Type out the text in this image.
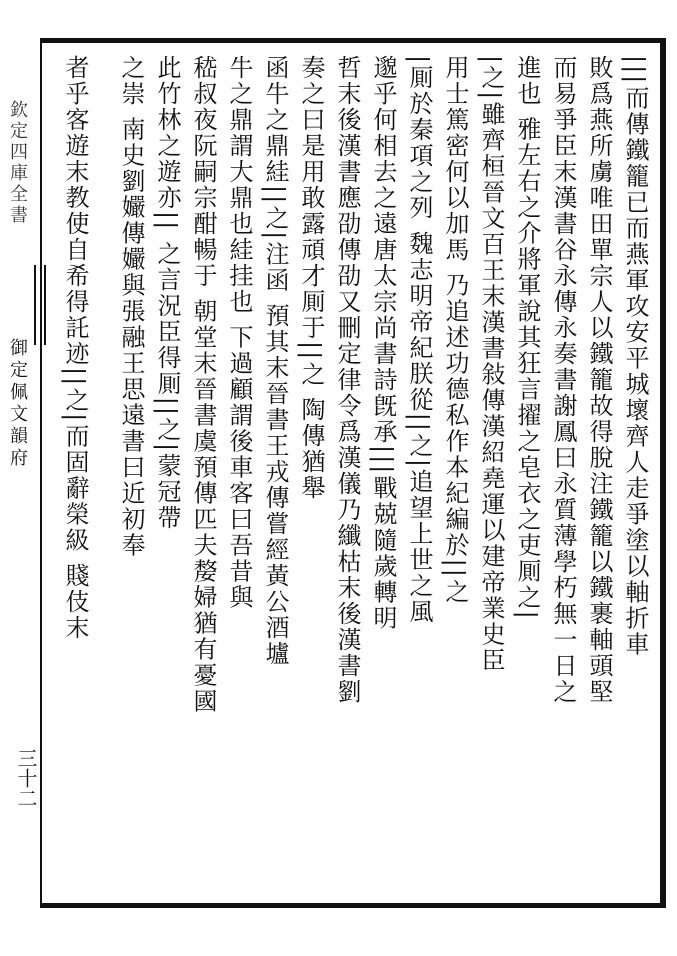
欽定四庫全書
御定佩文韻府
三十二
|||而傳鐵籠已而燕軍攻安平城壞齊人走爭塗以軸折車
敗爲燕所虜唯田單宗人以鐵籠故得脫注鐵籠以鐵裹軸頭堅
而易爭臣末漢書谷永傳永奏書謝鳳曰永質薄學朽無一日之
進也 雅左右之介將軍說其狂言擢之皂衣之吏厠之|
|之|雖齊桓晉文百王末漢書敍傳漢紹堯運以建帝業史臣
用士篤密何以加馬 乃追述功德私作本紀編於||之
|厠於秦項之列 魏志明帝紀朕從||之|追望上世之風
邈乎何相去之遠唐太宗尚書詩旣承|||戰兢隨歲轉明
哲末後漢書應劭傳劭又刪定律令爲漢儀乃纖枯末後漢書劉
奏之曰是用敢露頑才厠于||之 陶傳猶舉
函牛之鼎絓||之|注函 預其末晉書王戎傳嘗經黃公酒壚
牛之鼎謂大鼎也絓挂也 下過顧謂後車客曰吾昔與
嵇叔夜阮嗣宗酣暢于 朝堂末晉書虞預傳匹夫嫠婦猶有憂國
此竹林之遊亦|| 之言況臣得厠||之|蒙冠帶
之崇 南史劉孍傳孍與張融王思遠書曰近初奉
者乎客遊末教使自希得託迹||之|而固辭榮級 賤伎末
